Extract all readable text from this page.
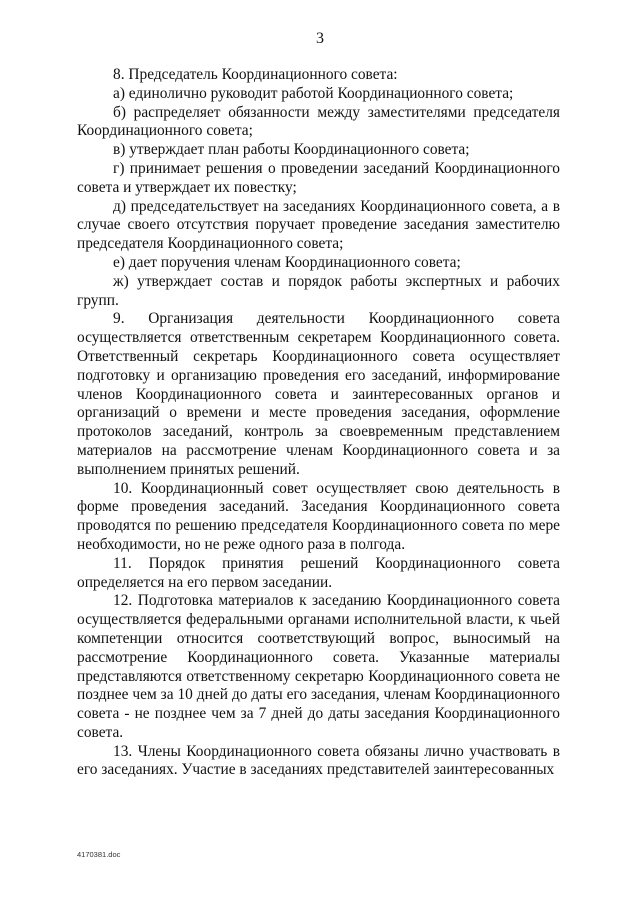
3

8. Председатель Координационного совета:

а) единолично руководит работой Координационного совета;

б) распределяет обязанности между заместителями председателя Координационного совета;

в) утверждает план работы Координационного совета;

г) принимает решения о проведении заседаний Координационного совета и утверждает их повестку;

д) председательствует на заседаниях Координационного совета, а в случае своего отсутствия поручает проведение заседания заместителю председателя Координационного совета;

е) дает поручения членам Координационного совета;

ж) утверждает состав и порядок работы экспертных и рабочих групп.

9. Организация деятельности Координационного совета осуществляется ответственным секретарем Координационного совета. Ответственный секретарь Координационного совета осуществляет подготовку и организацию проведения его заседаний, информирование членов Координационного совета и заинтересованных органов и организаций о времени и месте проведения заседания, оформление протоколов заседаний, контроль за своевременным представлением материалов на рассмотрение членам Координационного совета и за выполнением принятых решений.

10. Координационный совет осуществляет свою деятельность в форме проведения заседаний. Заседания Координационного совета проводятся по решению председателя Координационного совета по мере необходимости, но не реже одного раза в полгода.

11. Порядок принятия решений Координационного совета определяется на его первом заседании.

12. Подготовка материалов к заседанию Координационного совета осуществляется федеральными органами исполнительной власти, к чьей компетенции относится соответствующий вопрос, выносимый на рассмотрение Координационного совета. Указанные материалы представляются ответственному секретарю Координационного совета не позднее чем за 10 дней до даты его заседания, членам Координационного совета - не позднее чем за 7 дней до даты заседания Координационного совета.

13. Члены Координационного совета обязаны лично участвовать в его заседаниях. Участие в заседаниях представителей заинтересованных

4170381.doc
